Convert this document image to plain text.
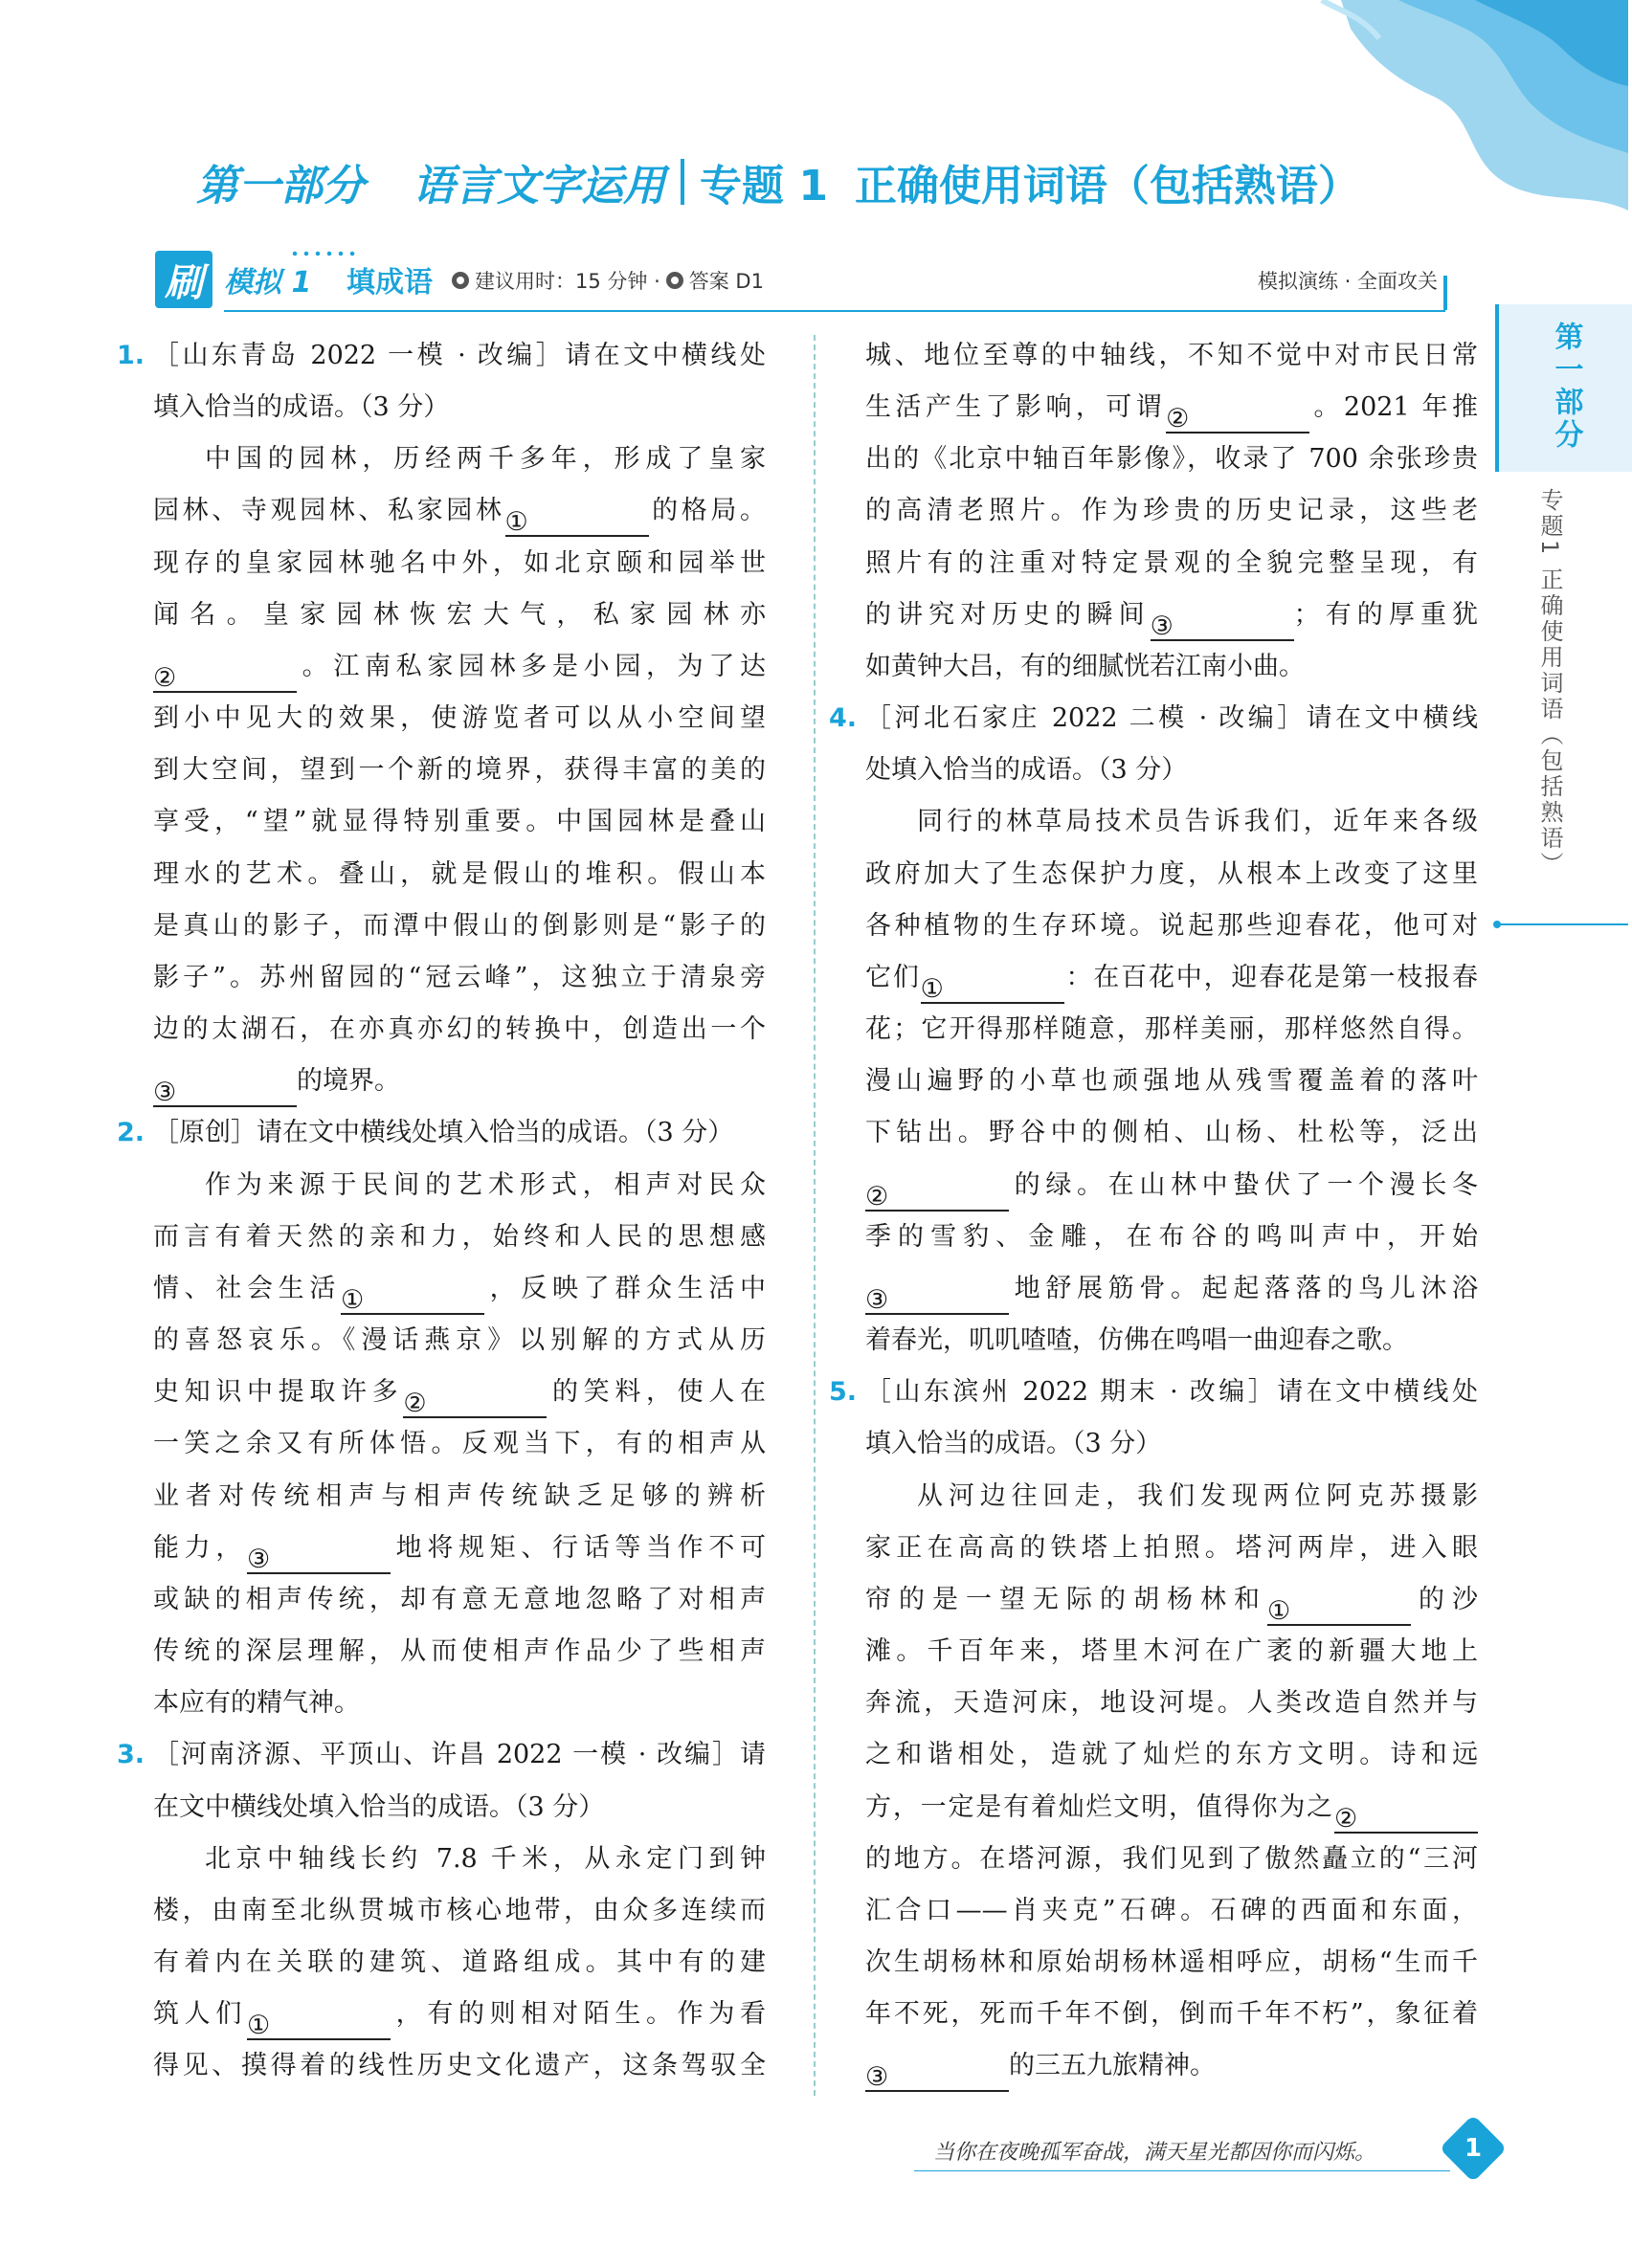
第一部分 语言文字运用 专题 1 正确使用词语（包括熟语）
刷 模拟 1 填成语 建议用时：15 分钟 · 答案 D1	模拟演练 · 全面攻关
1. ［山东青岛 2022 一模 · 改编］请在文中横线处
填入恰当的成语。（3 分）
中国的园林，历经两千多年，形成了皇家
园林、寺观园林、私家园林①	的格局。
现存的皇家园林驰名中外，如北京颐和园举世
闻名。皇家园林恢宏大气，私家园林亦
②	。江南私家园林多是小园，为了达
到小中见大的效果，使游览者可以从小空间望
到大空间，望到一个新的境界，获得丰富的美的
享受，“望”就显得特别重要。中国园林是叠山
理水的艺术。叠山，就是假山的堆积。假山本
是真山的影子，而潭中假山的倒影则是“影子的
影子”。苏州留园的“冠云峰”，这独立于清泉旁
边的太湖石，在亦真亦幻的转换中，创造出一个
③	的境界。
2. ［原创］请在文中横线处填入恰当的成语。（3 分）
作为来源于民间的艺术形式，相声对民众
而言有着天然的亲和力，始终和人民的思想感
情、社会生活①	，反映了群众生活中
的喜怒哀乐。《漫话燕京》以别解的方式从历
史知识中提取许多②	的笑料，使人在
一笑之余又有所体悟。反观当下，有的相声从
业者对传统相声与相声传统缺乏足够的辨析
能力，③	地将规矩、行话等当作不可
或缺的相声传统，却有意无意地忽略了对相声
传统的深层理解，从而使相声作品少了些相声
本应有的精气神。
3. ［河南济源、平顶山、许昌 2022 一模 · 改编］请
在文中横线处填入恰当的成语。（3 分）
北京中轴线长约 7.8 千米，从永定门到钟
楼，由南至北纵贯城市核心地带，由众多连续而
有着内在关联的建筑、道路组成。其中有的建
筑人们①	，有的则相对陌生。作为看
得见、摸得着的线性历史文化遗产，这条驾驭全
城、地位至尊的中轴线，不知不觉中对市民日常
生活产生了影响，可谓②	。2021 年推
出的《北京中轴百年影像》，收录了 700 余张珍贵
的高清老照片。作为珍贵的历史记录，这些老
照片有的注重对特定景观的全貌完整呈现，有
的讲究对历史的瞬间③	；有的厚重犹
如黄钟大吕，有的细腻恍若江南小曲。
4. ［河北石家庄 2022 二模 · 改编］请在文中横线
处填入恰当的成语。（3 分）
同行的林草局技术员告诉我们，近年来各级
政府加大了生态保护力度，从根本上改变了这里
各种植物的生存环境。说起那些迎春花，他可对
它们①	：在百花中，迎春花是第一枝报春
花；它开得那样随意，那样美丽，那样悠然自得。
漫山遍野的小草也顽强地从残雪覆盖着的落叶
下钻出。野谷中的侧柏、山杨、杜松等，泛出
②	的绿。在山林中蛰伏了一个漫长冬
季的雪豹、金雕，在布谷的鸣叫声中，开始
③	地舒展筋骨。起起落落的鸟儿沐浴
着春光，叽叽喳喳，仿佛在鸣唱一曲迎春之歌。
5. ［山东滨州 2022 期末 · 改编］请在文中横线处
填入恰当的成语。（3 分）
从河边往回走，我们发现两位阿克苏摄影
家正在高高的铁塔上拍照。塔河两岸，进入眼
帘的是一望无际的胡杨林和①	的沙
滩。千百年来，塔里木河在广袤的新疆大地上
奔流，天造河床，地设河堤。人类改造自然并与
之和谐相处，造就了灿烂的东方文明。诗和远
方，一定是有着灿烂文明，值得你为之②
的地方。在塔河源，我们见到了傲然矗立的“三河
汇合口——肖夹克”石碑。石碑的西面和东面，
次生胡杨林和原始胡杨林遥相呼应，胡杨“生而千
年不死，死而千年不倒，倒而千年不朽”，象征着
③	的三五九旅精神。
第一部分
专题1 正确使用词语（包括熟语）
当你在夜晚孤军奋战，满天星光都因你而闪烁。	1
